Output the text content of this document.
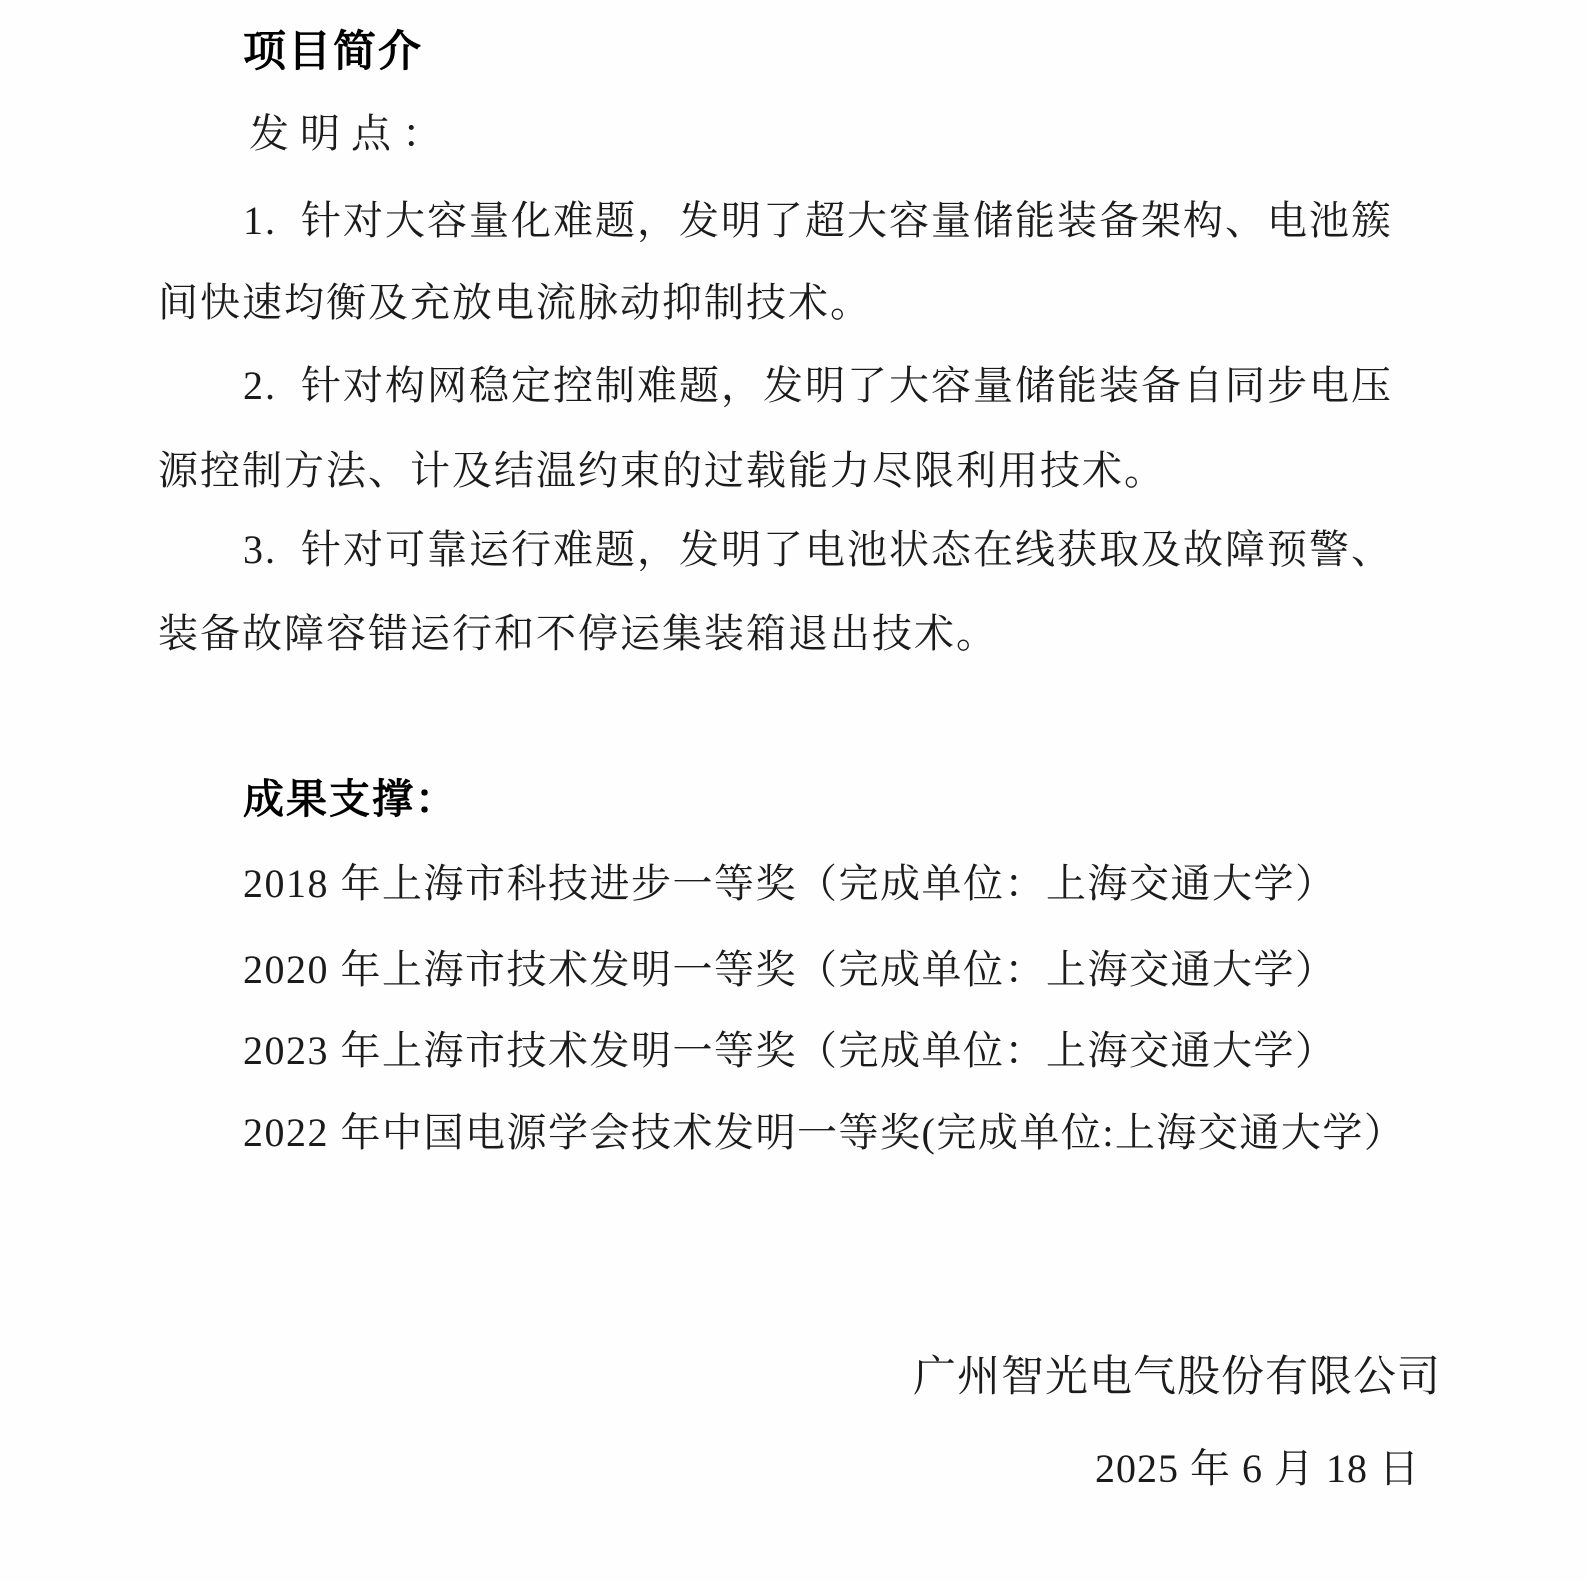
项目简介
发明点：
1.  针对大容量化难题，发明了超大容量储能装备架构、电池簇
间快速均衡及充放电流脉动抑制技术。
2.  针对构网稳定控制难题，发明了大容量储能装备自同步电压
源控制方法、计及结温约束的过载能力尽限利用技术。
3.  针对可靠运行难题，发明了电池状态在线获取及故障预警、
装备故障容错运行和不停运集装箱退出技术。
成果支撑：
2018 年上海市科技进步一等奖（完成单位：上海交通大学）
2020 年上海市技术发明一等奖（完成单位：上海交通大学）
2023 年上海市技术发明一等奖（完成单位：上海交通大学）
2022 年中国电源学会技术发明一等奖(完成单位:上海交通大学）
广州智光电气股份有限公司
2025 年 6 月 18 日
